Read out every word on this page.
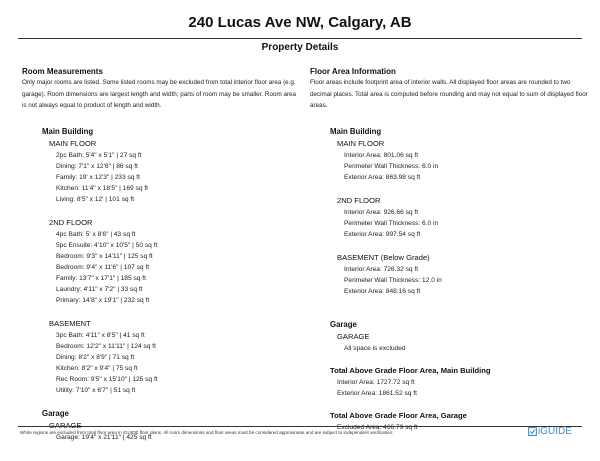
240 Lucas Ave NW, Calgary, AB
Property Details

Room Measurements

Only major rooms are listed. Some listed rooms may be excluded from total interior floor area (e.g. garage). Room dimensions are largest length and width; parts of room may be smaller. Room area is not always equal to product of length and width.

Main Building

MAIN FLOOR

2pc Bath: 5'4" x 5'1" | 27 sq ft

Dining: 7'1" x 12'6" | 86 sq ft

Family: 19' x 12'3" | 233 sq ft

Kitchen: 11'4" x 18'5" | 169 sq ft

Living: 8'5" x 12' | 101 sq ft

2ND FLOOR

4pc Bath: 5' x 8'6" | 43 sq ft

5pc Ensuite: 4'10" x 10'5" | 50 sq ft

Bedroom: 9'3" x 14'11" | 125 sq ft

Bedroom: 9'4" x 11'6" | 107 sq ft

Family: 13'7" x 17'1" | 185 sq ft

Laundry: 4'11" x 7'2" | 33 sq ft

Primary: 14'8" x 19'1" | 232 sq ft

BASEMENT

3pc Bath: 4'11" x 8'5" | 41 sq ft

Bedroom: 12'2" x 11'11" | 124 sq ft

Dining: 8'2" x 8'9" | 71 sq ft

Kitchen: 8'2" x 9'4" | 75 sq ft

Rec Room: 9'5" x 15'10" | 125 sq ft

Utility: 7'10" x 6'7" | 51 sq ft

Garage

GARAGE

Garage: 19'4" x 21'11" | 425 sq ft

Floor Area Information

Floor areas include footprint area of interior walls. All displayed floor areas are rounded to two decimal places. Total area is computed before rounding and may not equal to sum of displayed floor areas.

Main Building

MAIN FLOOR

Interior Area: 801.06 sq ft

Perimeter Wall Thickness: 6.0 in

Exterior Area: 863.98 sq ft

2ND FLOOR

Interior Area: 926.66 sq ft

Perimeter Wall Thickness: 6.0 in

Exterior Area: 997.54 sq ft

BASEMENT (Below Grade)

Interior Area: 726.32 sq ft

Perimeter Wall Thickness: 12.0 in

Exterior Area: 848.16 sq ft

Garage

GARAGE

All space is excluded

Total Above Grade Floor Area, Main Building

Interior Area: 1727.72 sq ft

Exterior Area: 1861.52 sq ft

Total Above Grade Floor Area, Garage

Excluded Area: 466.79 sq ft

White regions are excluded from total floor area in iGUIDE floor plans. All room dimensions and floor areas must be considered approximate and are subject to independent verification.	iGUIDE
